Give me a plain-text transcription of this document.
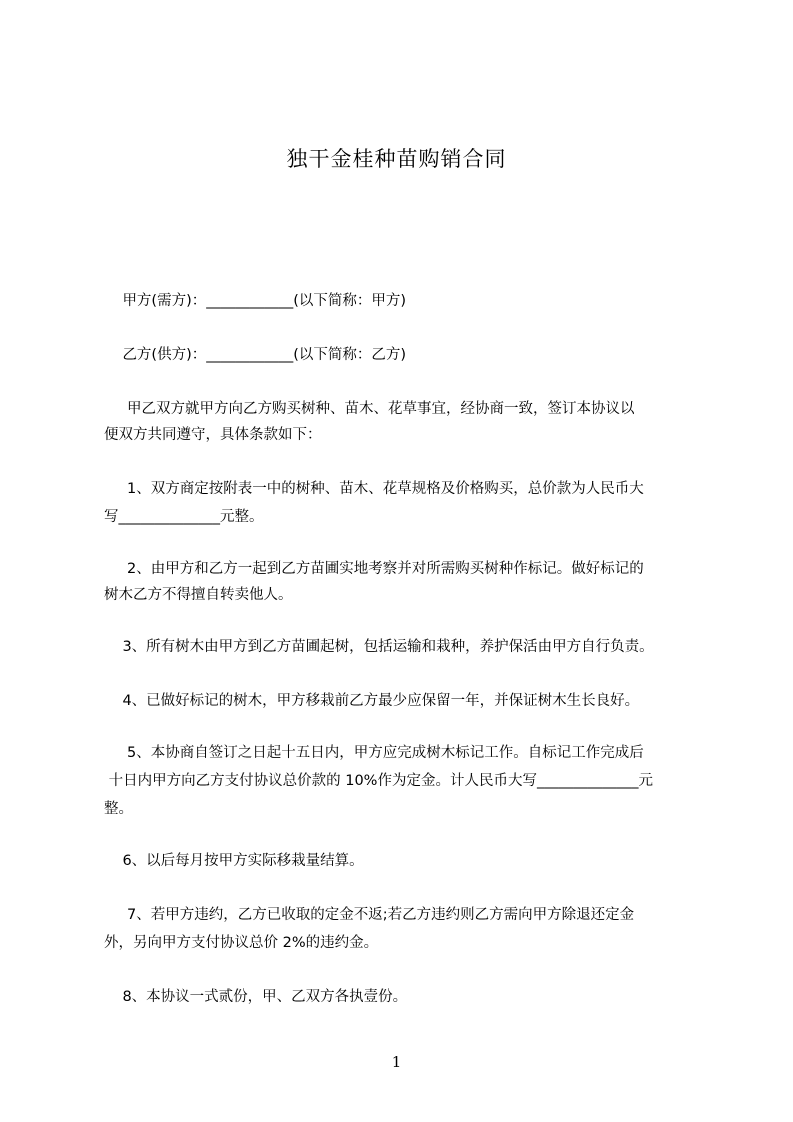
独干金桂种苗购销合同
甲方(需方)：____________(以下简称：甲方)
乙方(供方)：____________(以下简称：乙方)
甲乙双方就甲方向乙方购买树种、苗木、花草事宜，经协商一致，签订本协议以
便双方共同遵守，具体条款如下：
1、双方商定按附表一中的树种、苗木、花草规格及价格购买，总价款为人民币大
写______________元整。
2、由甲方和乙方一起到乙方苗圃实地考察并对所需购买树种作标记。做好标记的
树木乙方不得擅自转卖他人。
3、所有树木由甲方到乙方苗圃起树，包括运输和栽种，养护保活由甲方自行负责。
4、已做好标记的树木，甲方移栽前乙方最少应保留一年，并保证树木生长良好。
5、本协商自签订之日起十五日内，甲方应完成树木标记工作。自标记工作完成后
十日内甲方向乙方支付协议总价款的 10%作为定金。计人民币大写______________元
整。
6、以后每月按甲方实际移栽量结算。
7、若甲方违约，乙方已收取的定金不返;若乙方违约则乙方需向甲方除退还定金
外，另向甲方支付协议总价 2%的违约金。
8、本协议一式贰份，甲、乙双方各执壹份。
1
